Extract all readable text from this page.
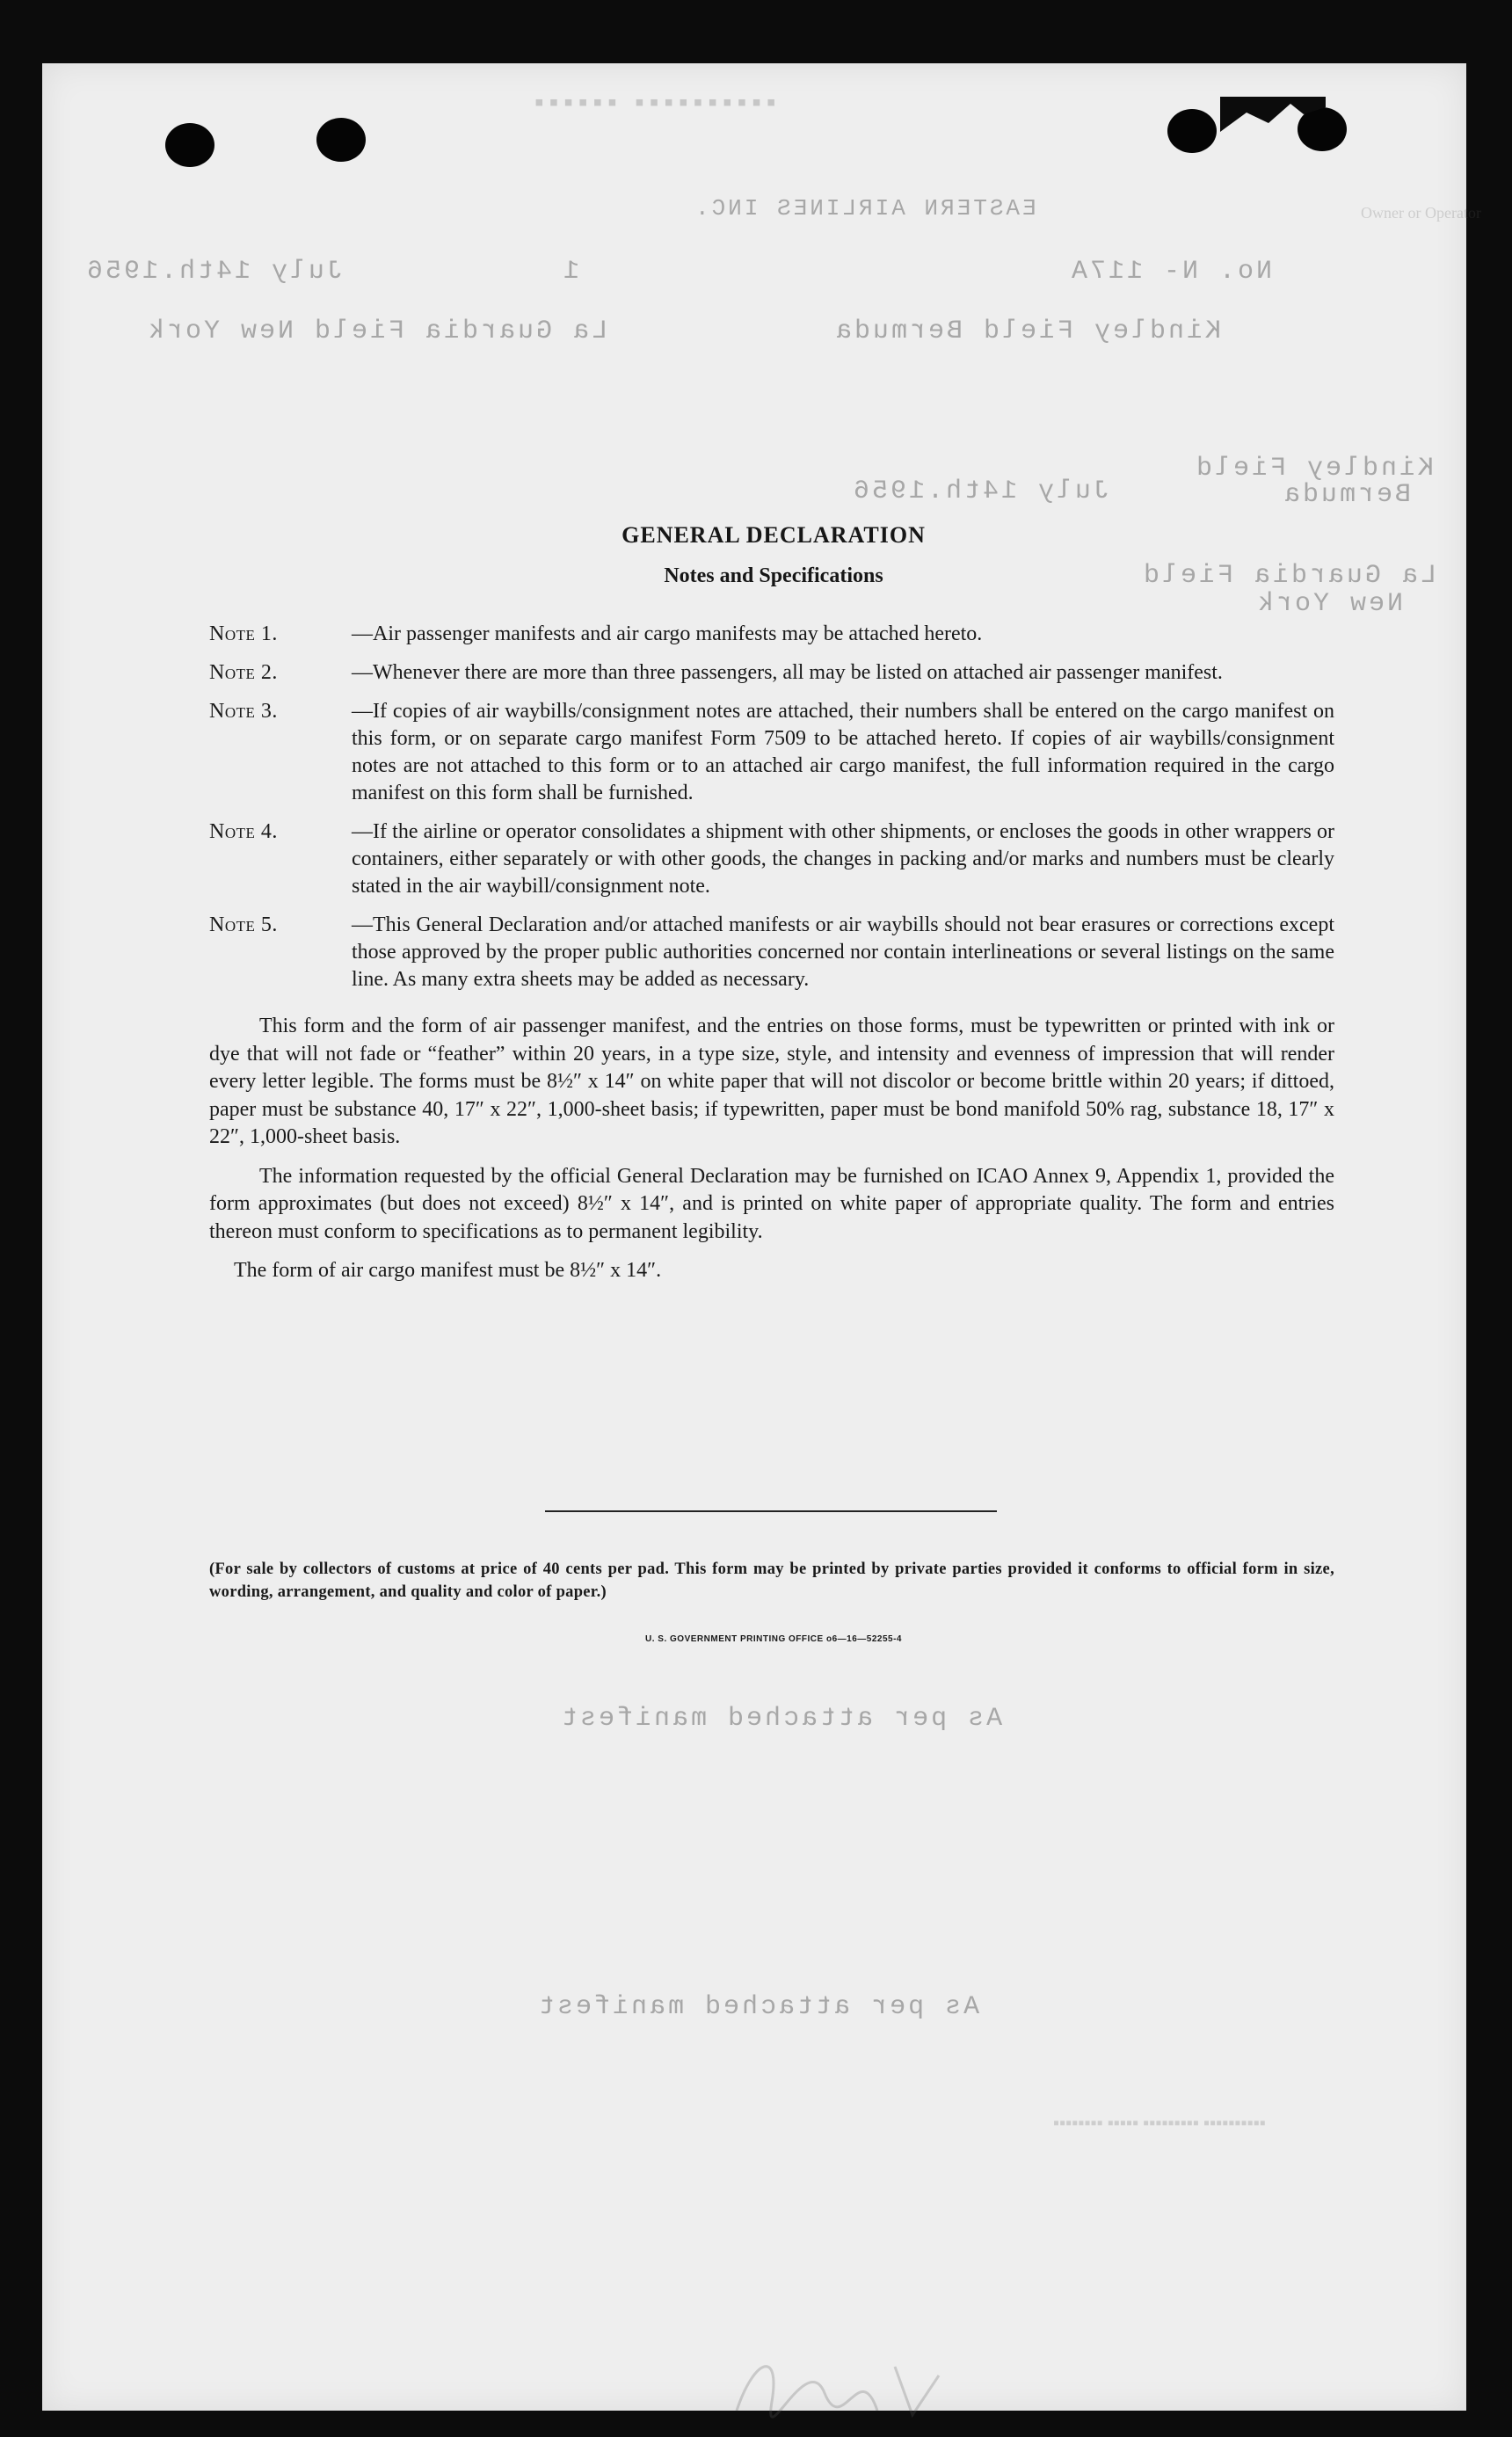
▪▪▪▪▪▪ ▪▪▪▪▪▪▪▪▪▪
Owner or Operator
EASTERN AIRLINES INC.
No. N- 117A
1
July 14th.1956
Kindley Field Bermuda
La Guardia Field New York
Kindley Field
Bermuda
July 14th.1956
La Guardia Field
New York
As per attached manifest
As per attached manifest
▪▪▪▪▪▪▪▪ ▪▪▪▪▪ ▪▪▪▪▪▪▪▪▪ ▪▪▪▪▪▪▪▪▪▪
GENERAL DECLARATION
Notes and Specifications
Note 1.	—Air passenger manifests and air cargo manifests may be attached hereto.
Note 2.	—Whenever there are more than three passengers, all may be listed on attached air passenger manifest.
Note 3.	—If copies of air waybills/consignment notes are attached, their numbers shall be entered on the cargo manifest on this form, or on separate cargo manifest Form 7509 to be attached hereto. If copies of air waybills/consignment notes are not attached to this form or to an attached air cargo manifest, the full information required in the cargo manifest on this form shall be furnished.
Note 4.	—If the airline or operator consolidates a shipment with other shipments, or encloses the goods in other wrappers or containers, either separately or with other goods, the changes in packing and/or marks and numbers must be clearly stated in the air waybill/consignment note.
Note 5.	—This General Declaration and/or attached manifests or air waybills should not bear erasures or corrections except those approved by the proper public authorities concerned nor contain interlineations or several listings on the same line. As many extra sheets may be added as necessary.

This form and the form of air passenger manifest, and the entries on those forms, must be typewritten or printed with ink or dye that will not fade or “feather” within 20 years, in a type size, style, and intensity and evenness of impression that will render every letter legible. The forms must be 8½″ x 14″ on white paper that will not discolor or become brittle within 20 years; if dittoed, paper must be substance 40, 17″ x 22″, 1,000-sheet basis; if typewritten, paper must be bond manifold 50% rag, substance 18, 17″ x 22″, 1,000-sheet basis.

The information requested by the official General Declaration may be furnished on ICAO Annex 9, Appendix 1, provided the form approximates (but does not exceed) 8½″ x 14″, and is printed on white paper of appropriate quality. The form and entries thereon must conform to specifications as to permanent legibility.

The form of air cargo manifest must be 8½″ x 14″.

(For sale by collectors of customs at price of 40 cents per pad. This form may be printed by private parties provided it conforms to official form in size, wording, arrangement, and quality and color of paper.)
U. S. GOVERNMENT PRINTING OFFICE o6—16—52255-4
